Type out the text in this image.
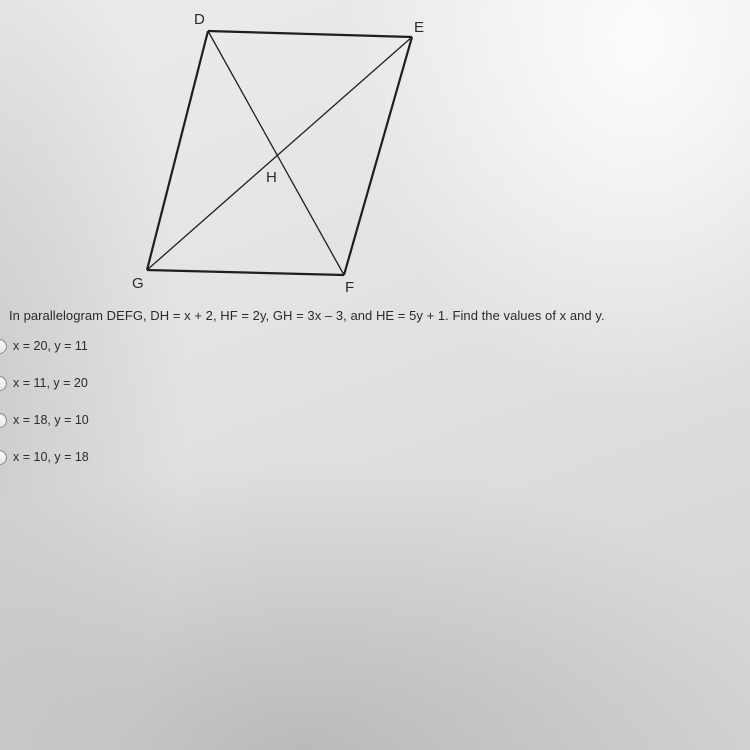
D	E
F
G
H
In parallelogram DEFG, DH = x + 2, HF = 2y, GH = 3x – 3, and HE = 5y + 1. Find the values of x and y.
x = 20, y = 11
x = 11, y = 20
x = 18, y = 10
x = 10, y = 18
